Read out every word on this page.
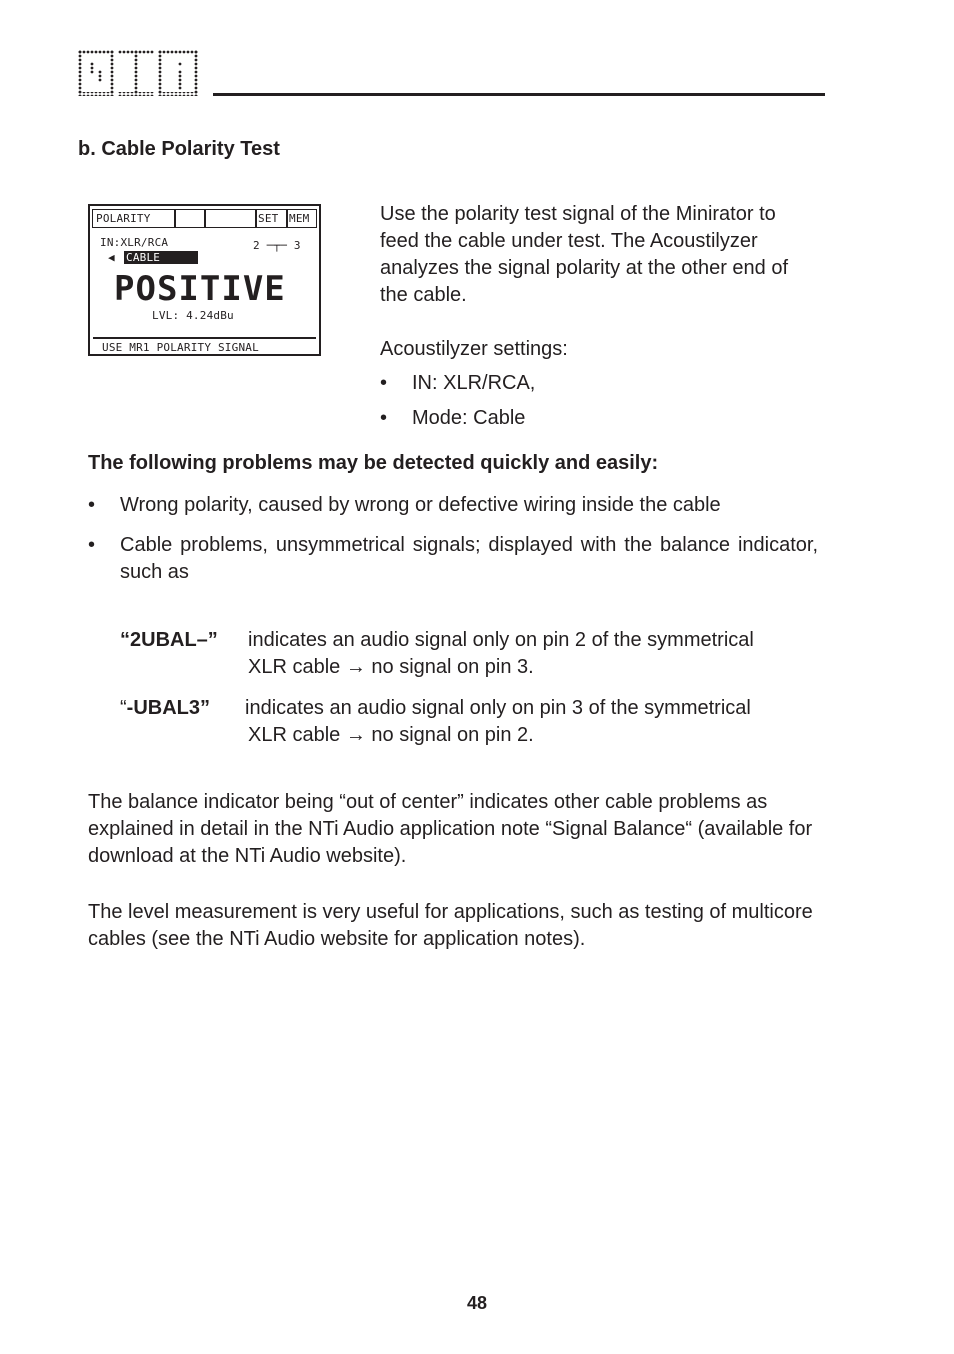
b. Cable Polarity Test
POLARITY	SET MEM
IN:XLR/RCA
◀ CABLE
2 ─┬─ 3
POSITIVE
LVL: 4.24dBu
USE MR1 POLARITY SIGNAL
Use the polarity test signal of the Minirator to feed the cable under test. The Acoustilyzer analyzes the signal polarity at the other end of the cable.
Acoustilyzer settings:
• IN: XLR/RCA,
• Mode: Cable
The following problems may be detected quickly and easily:
•	Wrong polarity, caused by wrong or defective wiring inside the cable
•	Cable problems, unsymmetrical signals; displayed with the balance indicator, such as
“2UBAL–”	indicates an audio signal only on pin 2 of the symmetrical
XLR cable → no signal on pin 3.
“-UBAL3”	indicates an audio signal only on pin 3 of the symmetrical
XLR cable → no signal on pin 2.
The balance indicator being “out of center” indicates other cable problems as explained in detail in the NTi Audio application note “Signal Balance“ (available for download at the NTi Audio website).
The level measurement is very useful for applications, such as testing of multicore cables (see the NTi Audio website for application notes).
48
